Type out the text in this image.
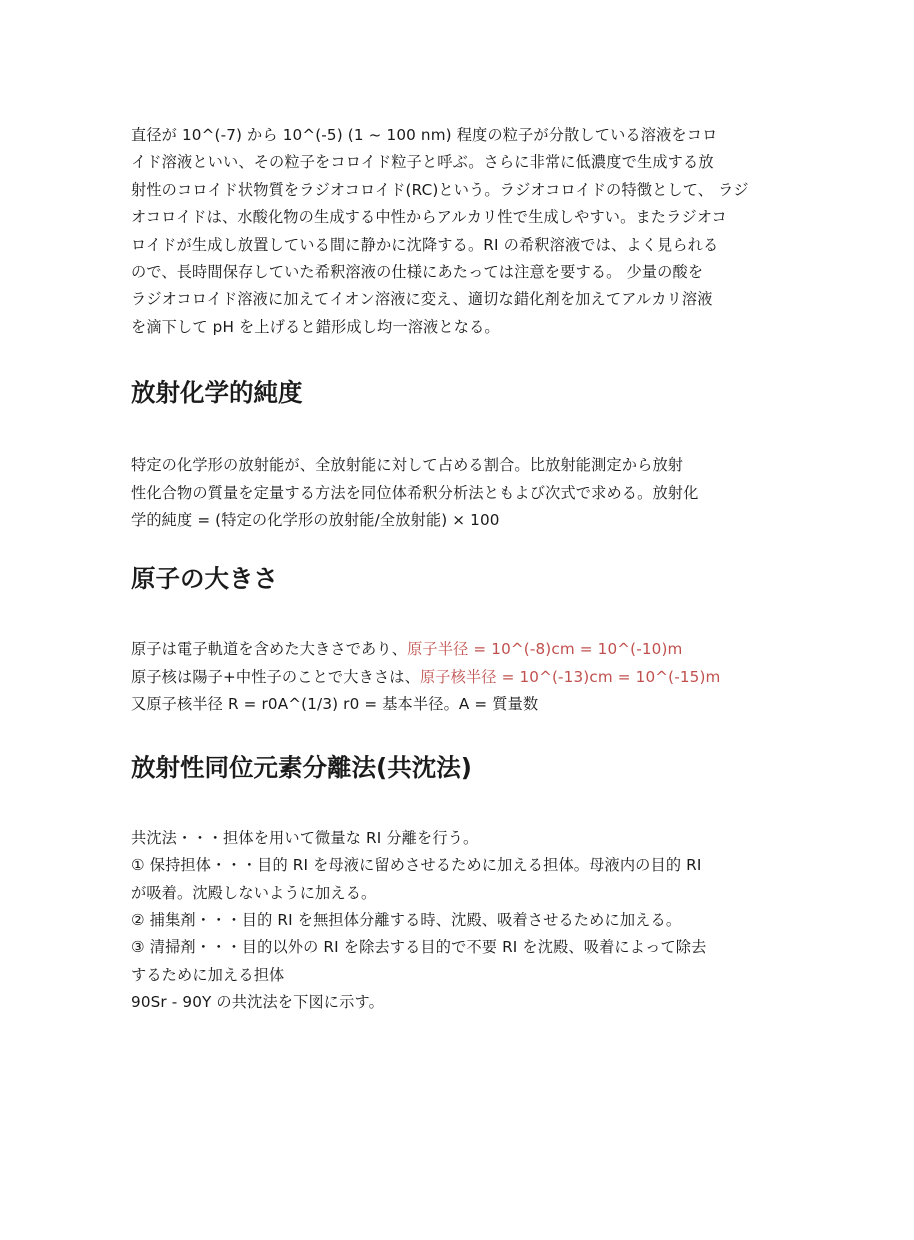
直径が 10^(-7) から 10^(-5) (1 ~ 100 nm) 程度の粒子が分散している溶液をコロ
イド溶液といい、その粒子をコロイド粒子と呼ぶ。さらに非常に低濃度で生成する放
射性のコロイド状物質をラジオコロイド(RC)という。ラジオコロイドの特徴として、 ラジ
オコロイドは、水酸化物の生成する中性からアルカリ性で生成しやすい。またラジオコ
ロイドが生成し放置している間に静かに沈降する。RI の希釈溶液では、よく見られる
ので、長時間保存していた希釈溶液の仕様にあたっては注意を要する。 少量の酸を
ラジオコロイド溶液に加えてイオン溶液に変え、適切な錯化剤を加えてアルカリ溶液
を滴下して pH を上げると錯形成し均一溶液となる。

放射化学的純度

特定の化学形の放射能が、全放射能に対して占める割合。比放射能測定から放射
性化合物の質量を定量する方法を同位体希釈分析法ともよび次式で求める。放射化
学的純度 = (特定の化学形の放射能/全放射能) × 100

原子の大きさ

原子は電子軌道を含めた大きさであり、原子半径 = 10^(-8)cm = 10^(-10)m
原子核は陽子+中性子のことで大きさは、原子核半径 = 10^(-13)cm = 10^(-15)m
又原子核半径 R = r0A^(1/3) r0 = 基本半径。A = 質量数

放射性同位元素分離法(共沈法)

共沈法・・・担体を用いて微量な RI 分離を行う。
① 保持担体・・・目的 RI を母液に留めさせるために加える担体。母液内の目的 RI
が吸着。沈殿しないように加える。
② 捕集剤・・・目的 RI を無担体分離する時、沈殿、吸着させるために加える。
③ 清掃剤・・・目的以外の RI を除去する目的で不要 RI を沈殿、吸着によって除去
するために加える担体
90Sr - 90Y の共沈法を下図に示す。
